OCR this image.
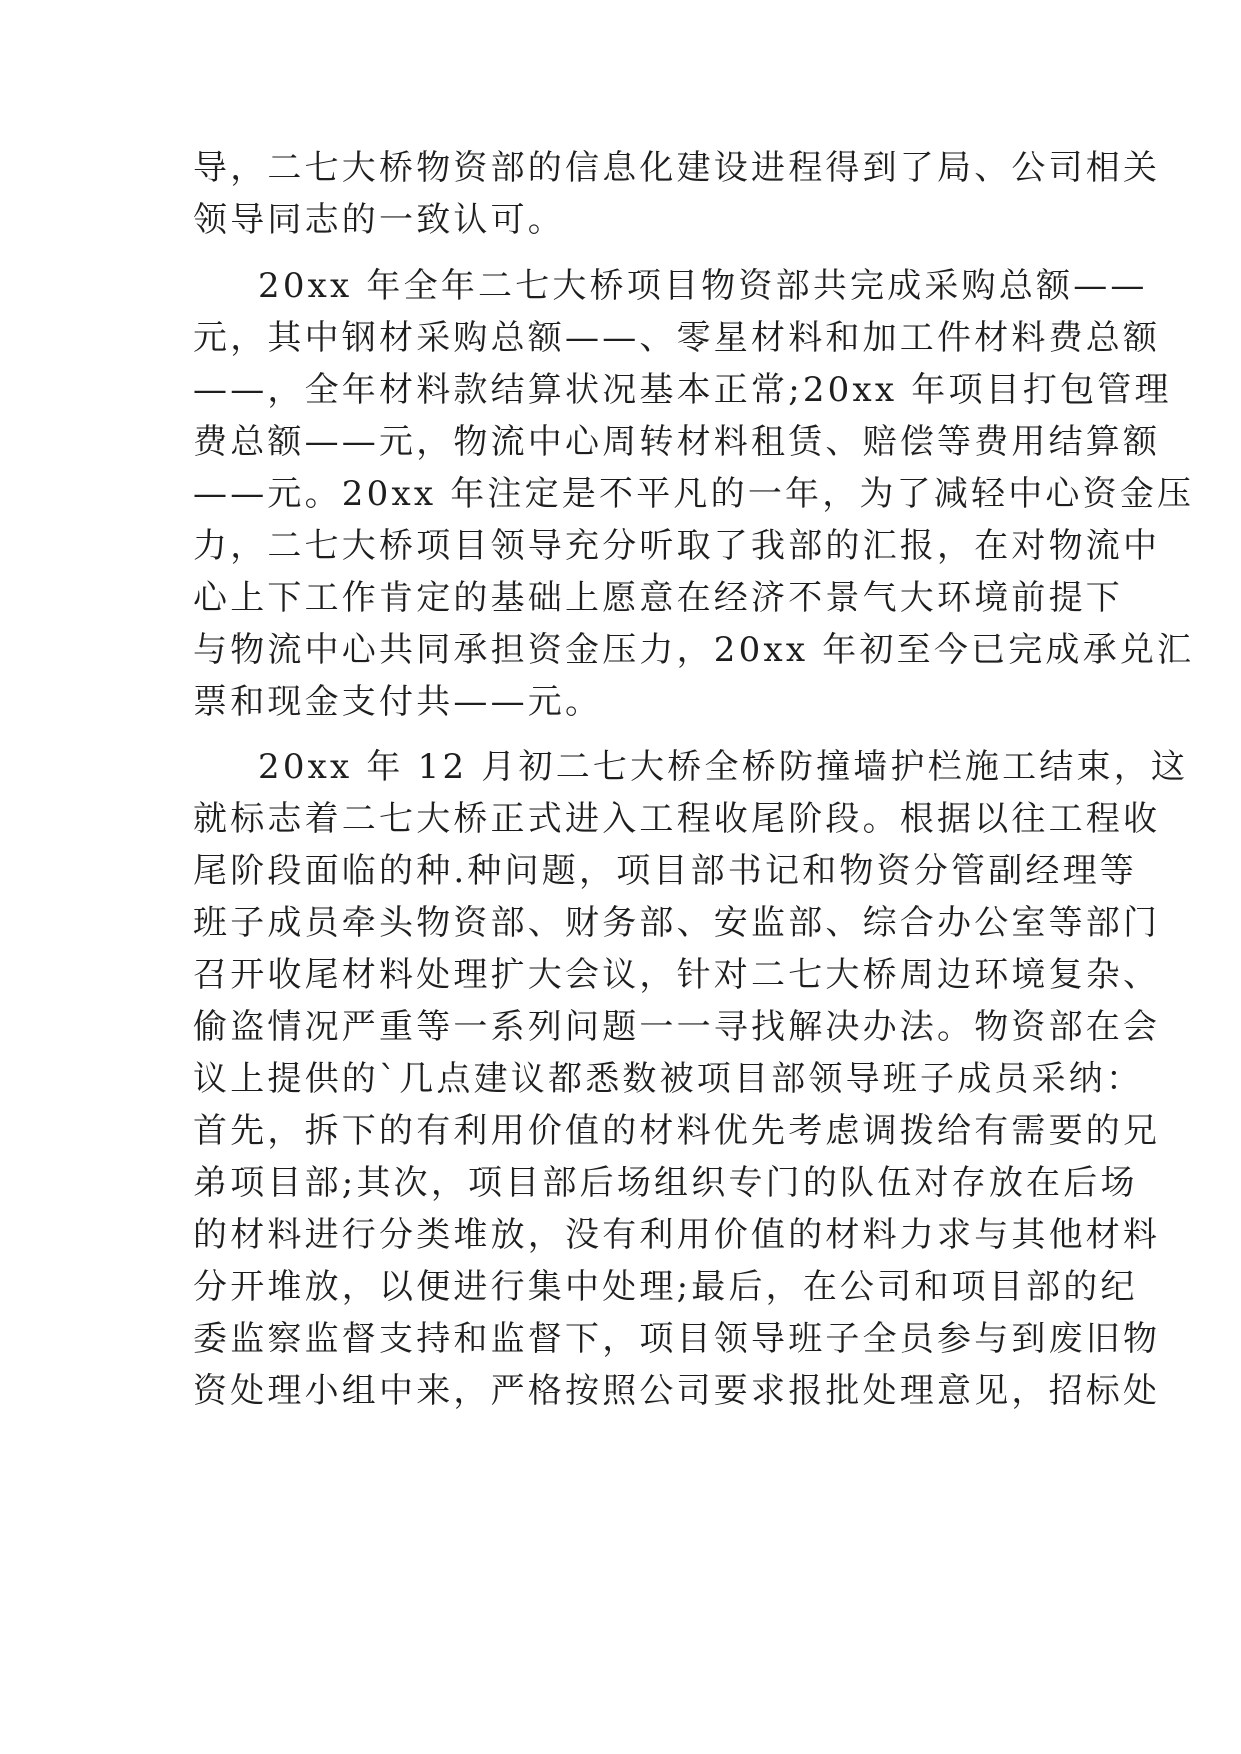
导，二七大桥物资部的信息化建设进程得到了局、公司相关
领导同志的一致认可。
20xx 年全年二七大桥项目物资部共完成采购总额——
元，其中钢材采购总额——、零星材料和加工件材料费总额
——，全年材料款结算状况基本正常;20xx 年项目打包管理
费总额——元，物流中心周转材料租赁、赔偿等费用结算额
——元。20xx 年注定是不平凡的一年，为了减轻中心资金压
力，二七大桥项目领导充分听取了我部的汇报，在对物流中
心上下工作肯定的基础上愿意在经济不景气大环境前提下
与物流中心共同承担资金压力，20xx 年初至今已完成承兑汇
票和现金支付共——元。
20xx 年 12 月初二七大桥全桥防撞墙护栏施工结束，这
就标志着二七大桥正式进入工程收尾阶段。根据以往工程收
尾阶段面临的种.种问题，项目部书记和物资分管副经理等
班子成员牵头物资部、财务部、安监部、综合办公室等部门
召开收尾材料处理扩大会议，针对二七大桥周边环境复杂、
偷盗情况严重等一系列问题一一寻找解决办法。物资部在会
议上提供的`几点建议都悉数被项目部领导班子成员采纳：
首先，拆下的有利用价值的材料优先考虑调拨给有需要的兄
弟项目部;其次，项目部后场组织专门的队伍对存放在后场
的材料进行分类堆放，没有利用价值的材料力求与其他材料
分开堆放，以便进行集中处理;最后，在公司和项目部的纪
委监察监督支持和监督下，项目领导班子全员参与到废旧物
资处理小组中来，严格按照公司要求报批处理意见，招标处
